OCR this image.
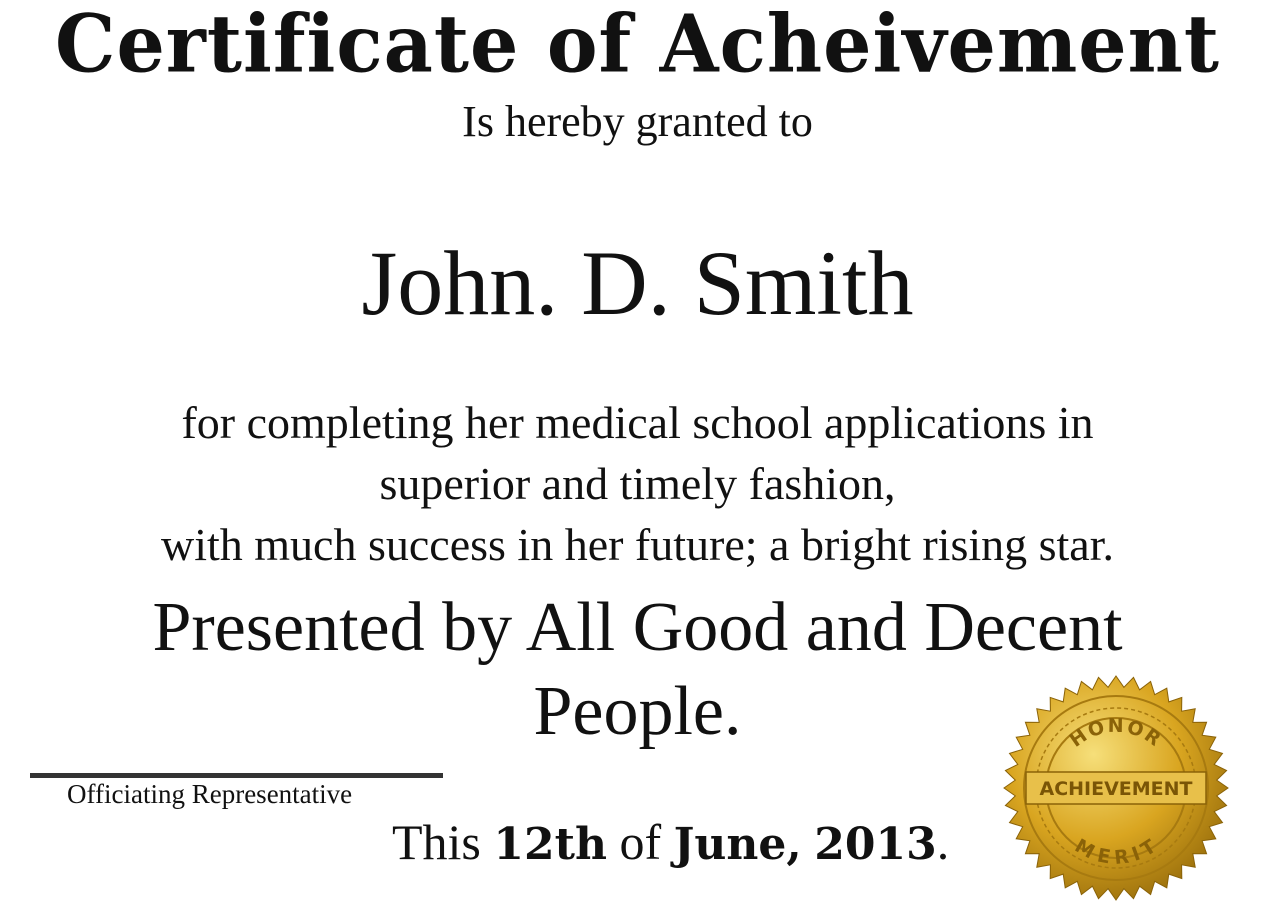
Certificate of Acheivement
Is hereby granted to
John. D. Smith
for completing her medical school applications in
superior and timely fashion,
with much success in her future; a bright rising star.
Presented by All Good and Decent
People.
Officiating Representative
This 12th of June, 2013.
HONOR
ACHIEVEMENT
MERIT
